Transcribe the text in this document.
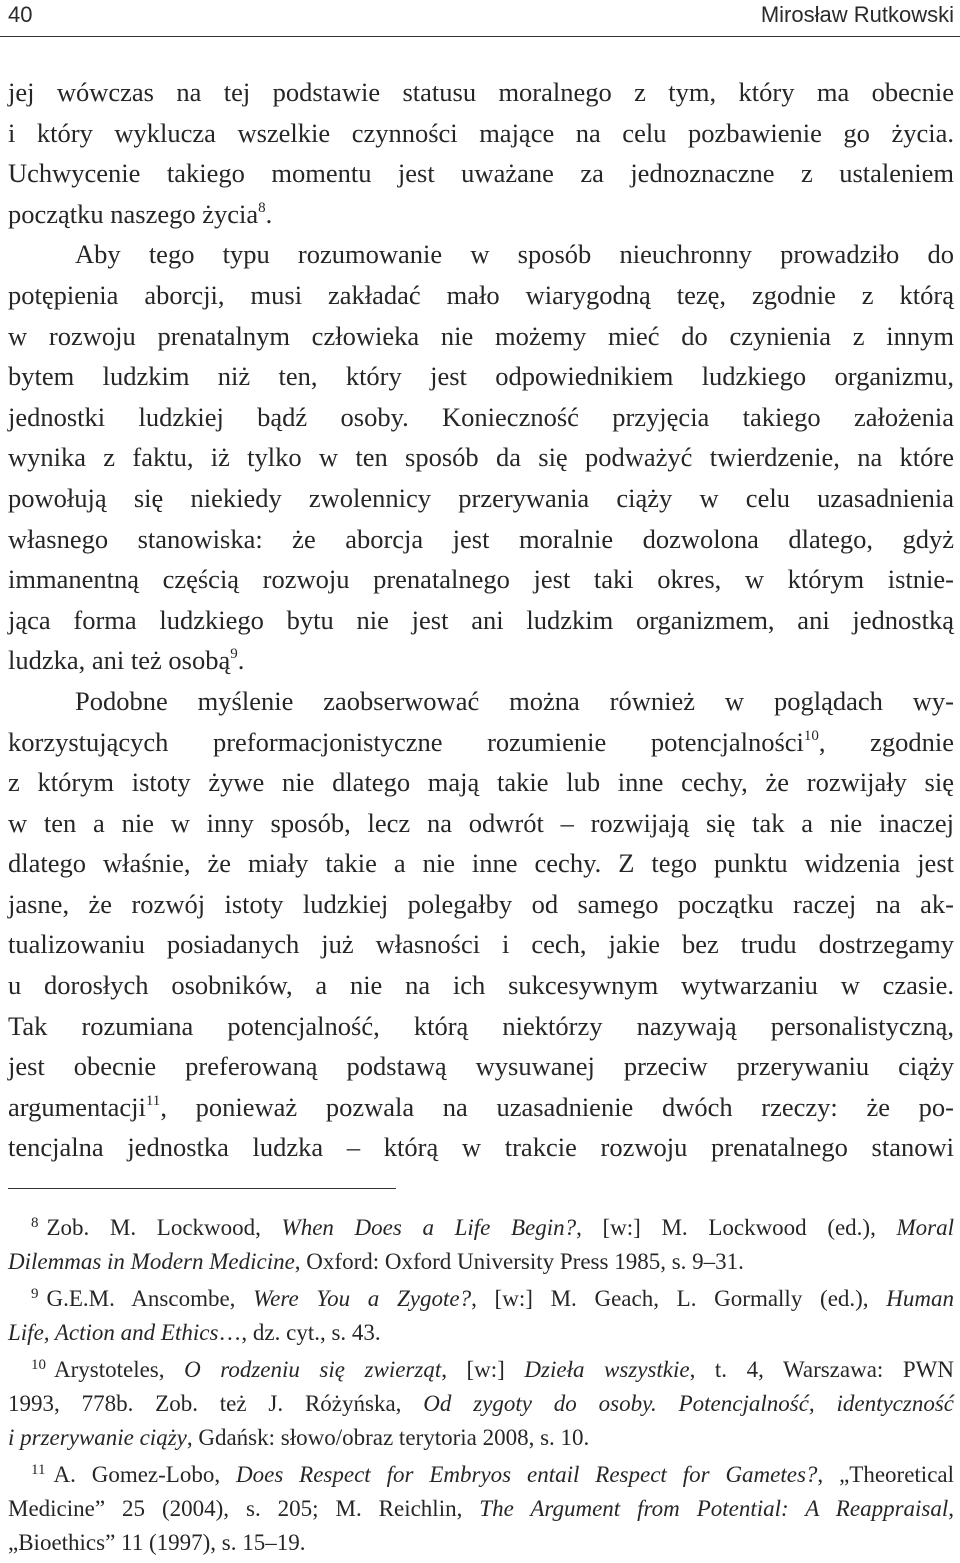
40	Mirosław Rutkowski
jej wówczas na tej podstawie statusu moralnego z tym, który ma obecnie
i który wyklucza wszelkie czynności mające na celu pozbawienie go życia.
Uchwycenie takiego momentu jest uważane za jednoznaczne z ustaleniem
początku naszego życia$^8$.
Aby tego typu rozumowanie w sposób nieuchronny prowadziło do
potępienia aborcji, musi zakładać mało wiarygodną tezę, zgodnie z którą
w rozwoju prenatalnym człowieka nie możemy mieć do czynienia z innym
bytem ludzkim niż ten, który jest odpowiednikiem ludzkiego organizmu,
jednostki ludzkiej bądź osoby. Konieczność przyjęcia takiego założenia
wynika z faktu, iż tylko w ten sposób da się podważyć twierdzenie, na które
powołują się niekiedy zwolennicy przerywania ciąży w celu uzasadnienia
własnego stanowiska: że aborcja jest moralnie dozwolona dlatego, gdyż
immanentną częścią rozwoju prenatalnego jest taki okres, w którym istnie-
jąca forma ludzkiego bytu nie jest ani ludzkim organizmem, ani jednostką
ludzka, ani też osobą$^9$.
Podobne myślenie zaobserwować można również w poglądach wy-
korzystujących preformacjonistyczne rozumienie potencjalności$^{10}$, zgodnie
z którym istoty żywe nie dlatego mają takie lub inne cechy, że rozwijały się
w ten a nie w inny sposób, lecz na odwrót – rozwijają się tak a nie inaczej
dlatego właśnie, że miały takie a nie inne cechy. Z tego punktu widzenia jest
jasne, że rozwój istoty ludzkiej polegałby od samego początku raczej na ak-
tualizowaniu posiadanych już własności i cech, jakie bez trudu dostrzegamy
u dorosłych osobników, a nie na ich sukcesywnym wytwarzaniu w czasie.
Tak rozumiana potencjalność, którą niektórzy nazywają personalistyczną,
jest obecnie preferowaną podstawą wysuwanej przeciw przerywaniu ciąży
argumentacji$^{11}$, ponieważ pozwala na uzasadnienie dwóch rzeczy: że po-
tencjalna jednostka ludzka – którą w trakcie rozwoju prenatalnego stanowi
$^8$ Zob. M. Lockwood, When Does a Life Begin?, [w:] M. Lockwood (ed.), Moral
Dilemmas in Modern Medicine, Oxford: Oxford University Press 1985, s. 9–31.
$^9$ G.E.M. Anscombe, Were You a Zygote?, [w:] M. Geach, L. Gormally (ed.), Human
Life, Action and Ethics…, dz. cyt., s. 43.
$^{10}$ Arystoteles, O rodzeniu się zwierząt, [w:] Dzieła wszystkie, t. 4, Warszawa: PWN
1993, 778b. Zob. też J. Różyńska, Od zygoty do osoby. Potencjalność, identyczność
i przerywanie ciąży, Gdańsk: słowo/obraz terytoria 2008, s. 10.
$^{11}$ A. Gomez-Lobo, Does Respect for Embryos entail Respect for Gametes?, „Theoretical
Medicine” 25 (2004), s. 205; M. Reichlin, The Argument from Potential: A Reappraisal,
„Bioethics” 11 (1997), s. 15–19.
